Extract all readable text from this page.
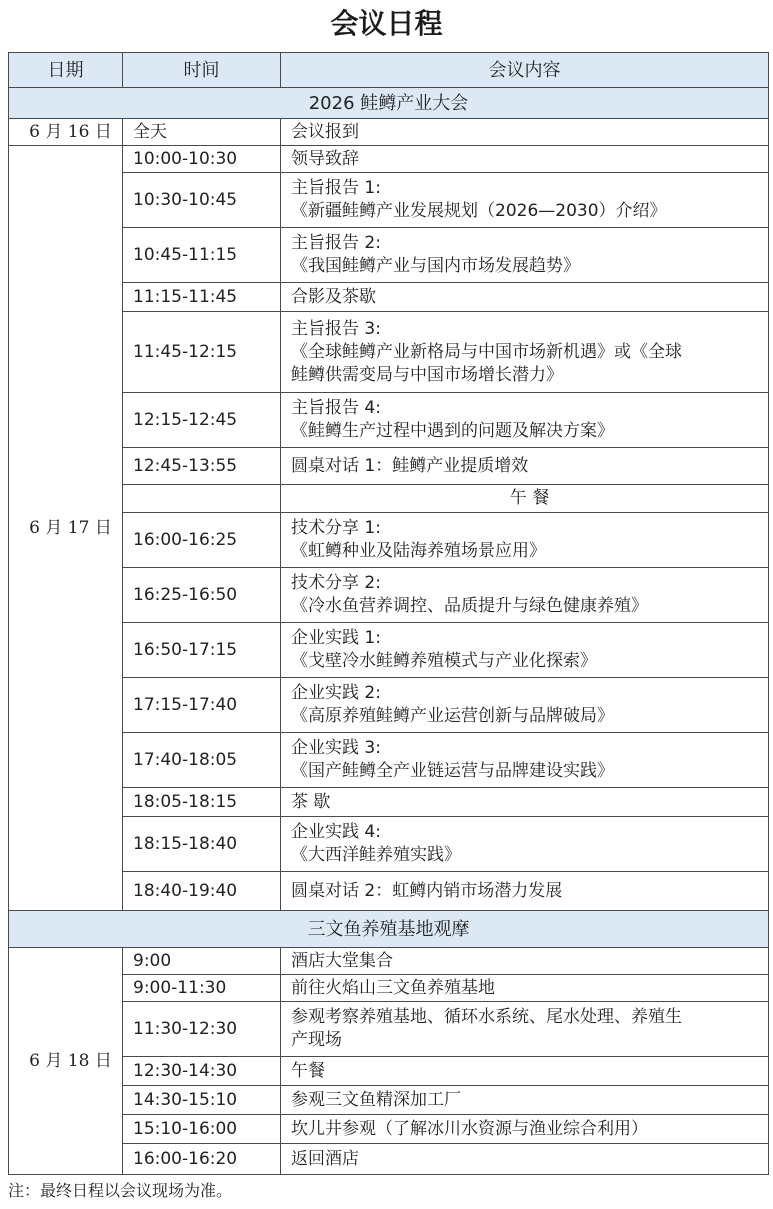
会议日程
日期	时间	会议内容
2026 鲑鳟产业大会		
6 月 16 日	全天	会议报到

6 月 17 日	10:00-10:30	领导致辞

	10:30-10:45	主旨报告 1:
《新疆鲑鳟产业发展规划（2026—2030）介绍》

	10:45-11:15	主旨报告 2:
《我国鲑鳟产业与国内市场发展趋势》

	11:15-11:45	合影及茶歇

	11:45-12:15	主旨报告 3:
《全球鲑鳟产业新格局与中国市场新机遇》或《全球
鲑鳟供需变局与中国市场增长潜力》

	12:15-12:45	主旨报告 4:
《鲑鳟生产过程中遇到的问题及解决方案》

	12:45-13:55	圆桌对话 1：鲑鳟产业提质增效

		午 餐
	16:00-16:25	技术分享 1:
《虹鳟种业及陆海养殖场景应用》

	16:25-16:50	技术分享 2:
《冷水鱼营养调控、品质提升与绿色健康养殖》

	16:50-17:15	企业实践 1:
《戈壁冷水鲑鳟养殖模式与产业化探索》

	17:15-17:40	企业实践 2:
《高原养殖鲑鳟产业运营创新与品牌破局》

	17:40-18:05	企业实践 3:
《国产鲑鳟全产业链运营与品牌建设实践》

	18:05-18:15	茶 歇

	18:15-18:40	企业实践 4:
《大西洋鲑养殖实践》

	18:40-19:40	圆桌对话 2：虹鳟内销市场潜力发展

三文鱼养殖基地观摩		
6 月 18 日	9:00	酒店大堂集合

	9:00-11:30	前往火焰山三文鱼养殖基地

	11:30-12:30	参观考察养殖基地、循环水系统、尾水处理、养殖生
产现场

	12:30-14:30	午餐

	14:30-15:10	参观三文鱼精深加工厂

	15:10-16:00	坎儿井参观（了解冰川水资源与渔业综合利用）

	16:00-16:20	返回酒店
注：最终日程以会议现场为准。
